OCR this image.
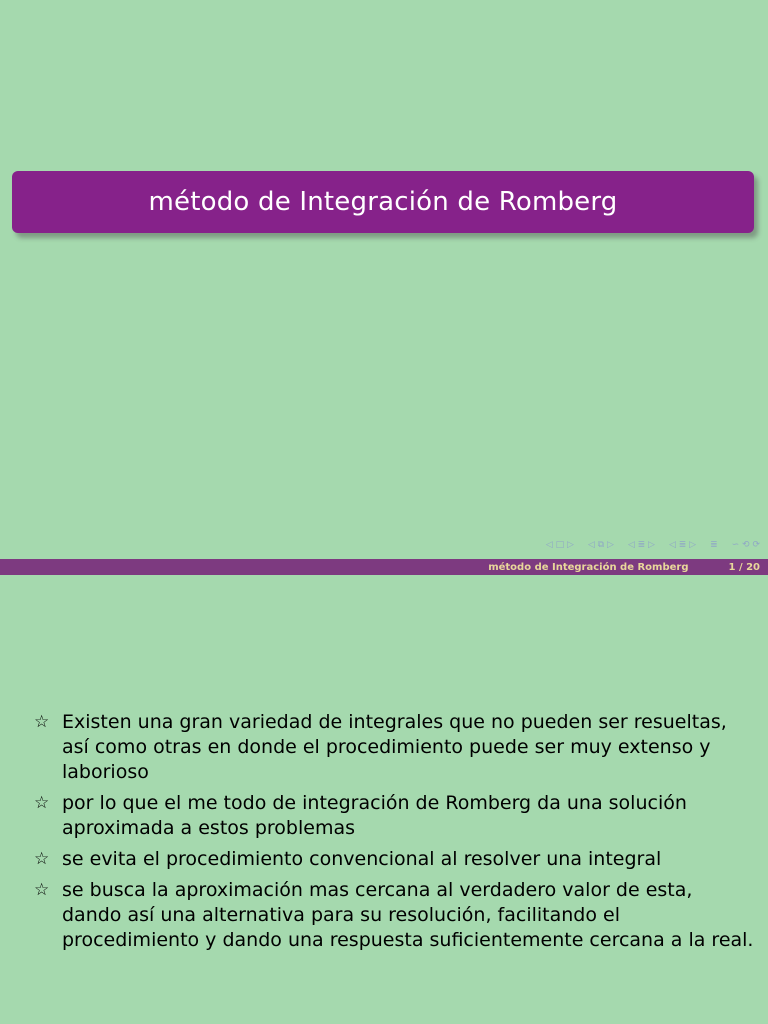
método de Integración de Romberg
◁ □ ▷ ◁ ⧉ ▷ ◁ ≣ ▷ ◁ ≣ ▷ ≣ ∽ ⟲ ⟳
método de Integración de Romberg	1 / 20
☆ Existen una gran variedad de integrales que no pueden ser resueltas, así como otras en donde el procedimiento puede ser muy extenso y laborioso
☆ por lo que el me todo de integración de Romberg da una solución aproximada a estos problemas
☆ se evita el procedimiento convencional al resolver una integral
☆ se busca la aproximación mas cercana al verdadero valor de esta, dando así una alternativa para su resolución, facilitando el procedimiento y dando una respuesta suficientemente cercana a la real.
